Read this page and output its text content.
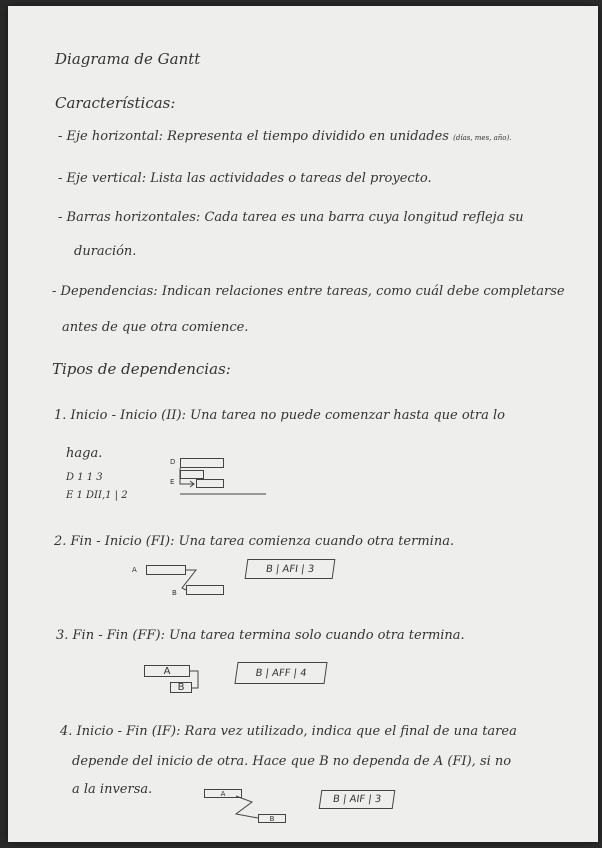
Diagrama de Gantt
Características:
- Eje horizontal: Representa el tiempo dividido en unidades (días, mes, año).
- Eje vertical: Lista las actividades o tareas del proyecto.
- Barras horizontales: Cada tarea es una barra cuya longitud refleja su
duración.
- Dependencias: Indican relaciones entre tareas, como cuál debe completarse
antes de que otra comience.
Tipos de dependencias:
1. Inicio - Inicio (II): Una tarea no puede comenzar hasta que otra lo
haga.
D 1 1 3
E 1 DII,1 | 2
D
E
2. Fin - Inicio (FI): Una tarea comienza cuando otra termina.
A
B
B | AFI | 3
3. Fin - Fin (FF): Una tarea termina solo cuando otra termina.
A
B
B | AFF | 4
4. Inicio - Fin (IF): Rara vez utilizado, indica que el final de una tarea
depende del inicio de otra. Hace que B no dependa de A (FI), si no
a la inversa.	A
B
B | AIF | 3
